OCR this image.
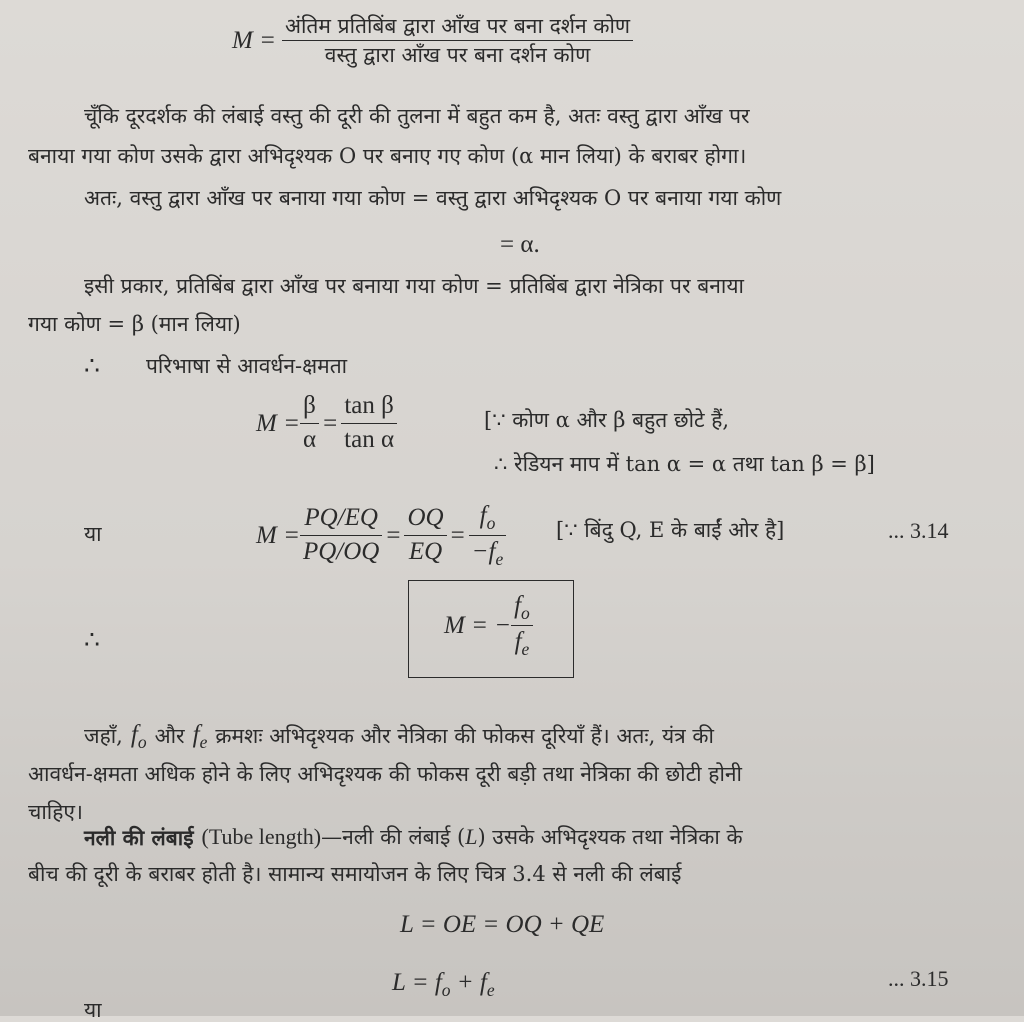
$M = \frac{\text{अंतिम प्रतिबिंब द्वारा आँख पर बना दर्शन कोण}}{\text{वस्तु द्वारा आँख पर बना दर्शन कोण}}$
चूँकि दूरदर्शक की लंबाई वस्तु की दूरी की तुलना में बहुत कम है, अतः वस्तु द्वारा आँख पर
बनाया गया कोण उसके द्वारा अभिदृश्यक O पर बनाए गए कोण (α मान लिया) के बराबर होगा।
अतः, वस्तु द्वारा आँख पर बनाया गया कोण = वस्तु द्वारा अभिदृश्यक O पर बनाया गया कोण
= α.
इसी प्रकार, प्रतिबिंब द्वारा आँख पर बनाया गया कोण = प्रतिबिंब द्वारा नेत्रिका पर बनाया
गया कोण = β (मान लिया)
∴ परिभाषा से आवर्धन-क्षमता
$M = \frac{\beta}{\alpha} = \frac{\text{tan β}}{\text{tan α}}$	[∵ कोण α और β बहुत छोटे हैं,
∴ रेडियन माप में tan α = α तथा tan β = β]
या	$M = \frac{PQ/EQ}{PQ/OQ} = \frac{OQ}{EQ} = \frac{f_o}{-f_e}$ [∵ बिंदु Q, E के बाईं ओर है]	... 3.14
∴
M = − $\frac{f_o}{f_e}$
जहाँ, $f_o$ और $f_e$ क्रमशः अभिदृश्यक और नेत्रिका की फोकस दूरियाँ हैं। अतः, यंत्र की
आवर्धन-क्षमता अधिक होने के लिए अभिदृश्यक की फोकस दूरी बड़ी तथा नेत्रिका की छोटी होनी
चाहिए।
नली की लंबाई (Tube length) —नली की लंबाई ( L ) उसके अभिदृश्यक तथा नेत्रिका के
बीच की दूरी के बराबर होती है। सामान्य समायोजन के लिए चित्र 3.4 से नली की लंबाई
L = OE = OQ + QE
$L = f_o + f_e$	... 3.15
या
